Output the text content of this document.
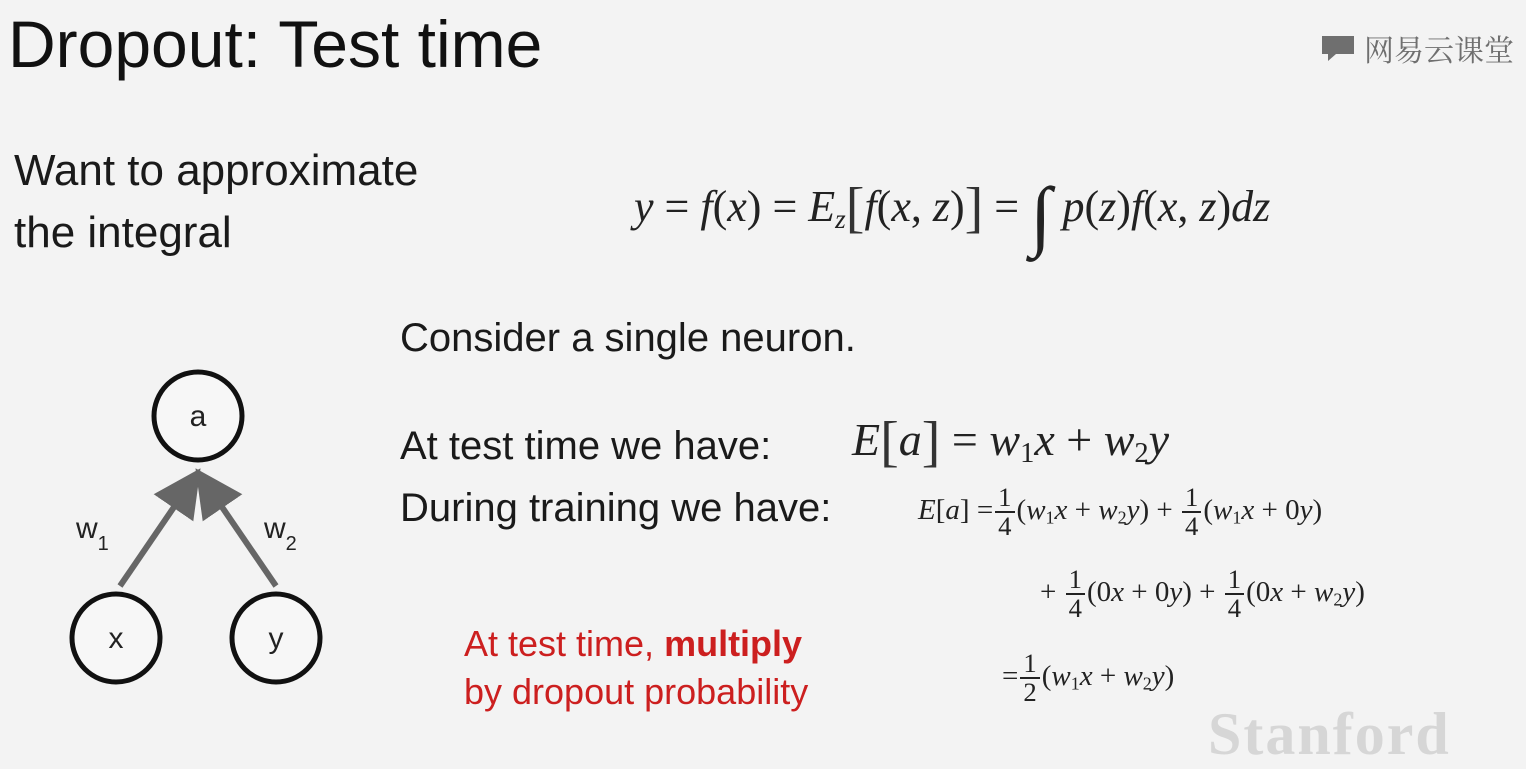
Dropout: Test time	网易云课堂
Want to approximate
the integral
$y = f(x) = E_z[f(x$, z)] = ∫ p(z)f(x, z)dz
Consider a single neuron.
a
x	y
$w_1$	$w_2$
At test time we have: $E[a] = w_1x + w_2y$
During training we have:	$E[a] = \frac{1}{4} (w_1x + w_2y) + \frac{1}{4} (w_1x + 0y)$
+ $\frac{1}{4} (0x + 0y) + \frac{1}{4} (0x + w_2y)$
= $\frac{1}{2} (w_1x + w_2y)$
At test time, multiply
by dropout probability
Stanford
